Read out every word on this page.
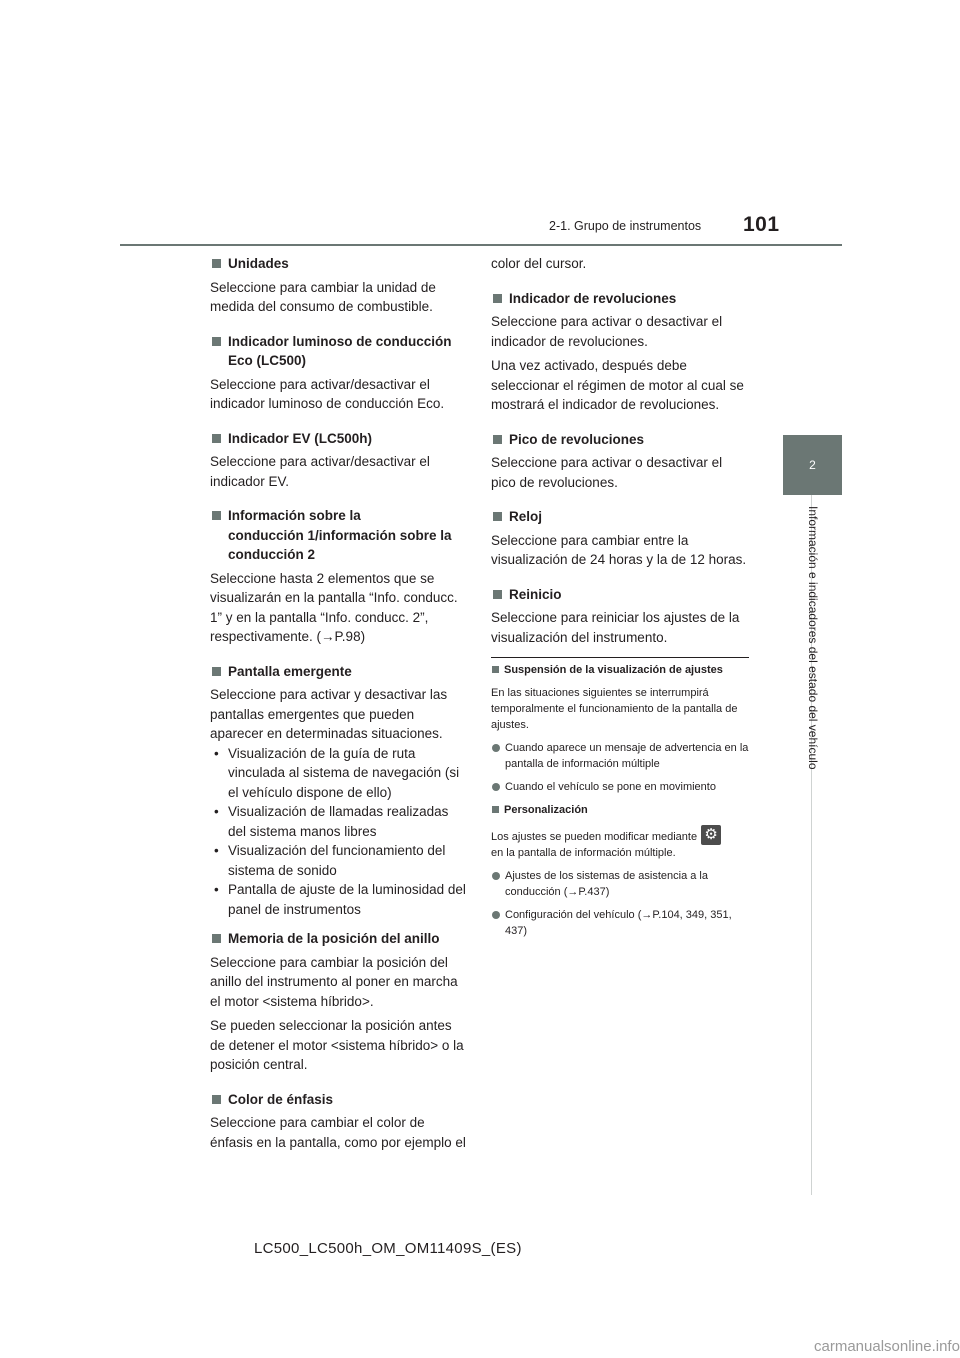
2-1. Grupo de instrumentos 101
2
Información e indicadores del estado del vehículo
Unidades
Seleccione para cambiar la unidad de medida del consumo de combustible.
Indicador luminoso de conducción
Eco (LC500)
Seleccione para activar/desactivar el indicador luminoso de conducción Eco.
Indicador EV (LC500h)
Seleccione para activar/desactivar el indicador EV.
Información sobre la
conducción 1/información sobre la
conducción 2
Seleccione hasta 2 elementos que se visualizarán en la pantalla “Info. conducc. 1” y en la pantalla “Info. conducc. 2”, respectivamente. (→P.98)
Pantalla emergente
Seleccione para activar y desactivar las pantallas emergentes que pueden aparecer en determinadas situaciones.
• Visualización de la guía de ruta vinculada al sistema de navegación (si el vehículo dispone de ello)
• Visualización de llamadas realizadas del sistema manos libres
• Visualización del funcionamiento del sistema de sonido
• Pantalla de ajuste de la luminosidad del panel de instrumentos
Memoria de la posición del anillo
Seleccione para cambiar la posición del anillo del instrumento al poner en marcha el motor <sistema híbrido>.
Se pueden seleccionar la posición antes de detener el motor <sistema híbrido> o la posición central.
Color de énfasis
Seleccione para cambiar el color de énfasis en la pantalla, como por ejemplo el
color del cursor.
Indicador de revoluciones
Seleccione para activar o desactivar el indicador de revoluciones.
Una vez activado, después debe seleccionar el régimen de motor al cual se mostrará el indicador de revoluciones.
Pico de revoluciones
Seleccione para activar o desactivar el pico de revoluciones.
Reloj
Seleccione para cambiar entre la visualización de 24 horas y la de 12 horas.
Reinicio
Seleccione para reiniciar los ajustes de la visualización del instrumento.
Suspensión de la visualización de ajustes
En las situaciones siguientes se interrumpirá temporalmente el funcionamiento de la pantalla de ajustes.
Cuando aparece un mensaje de advertencia en la pantalla de información múltiple
Cuando el vehículo se pone en movimiento
Personalización
Los ajustes se pueden modificar mediante ⚙

en la pantalla de información múltiple.
Ajustes de los sistemas de asistencia a la conducción (→P.437)
Configuración del vehículo (→P.104, 349, 351, 437)
LC500_LC500h_OM_OM11409S_(ES)
carmanualsonline.info
